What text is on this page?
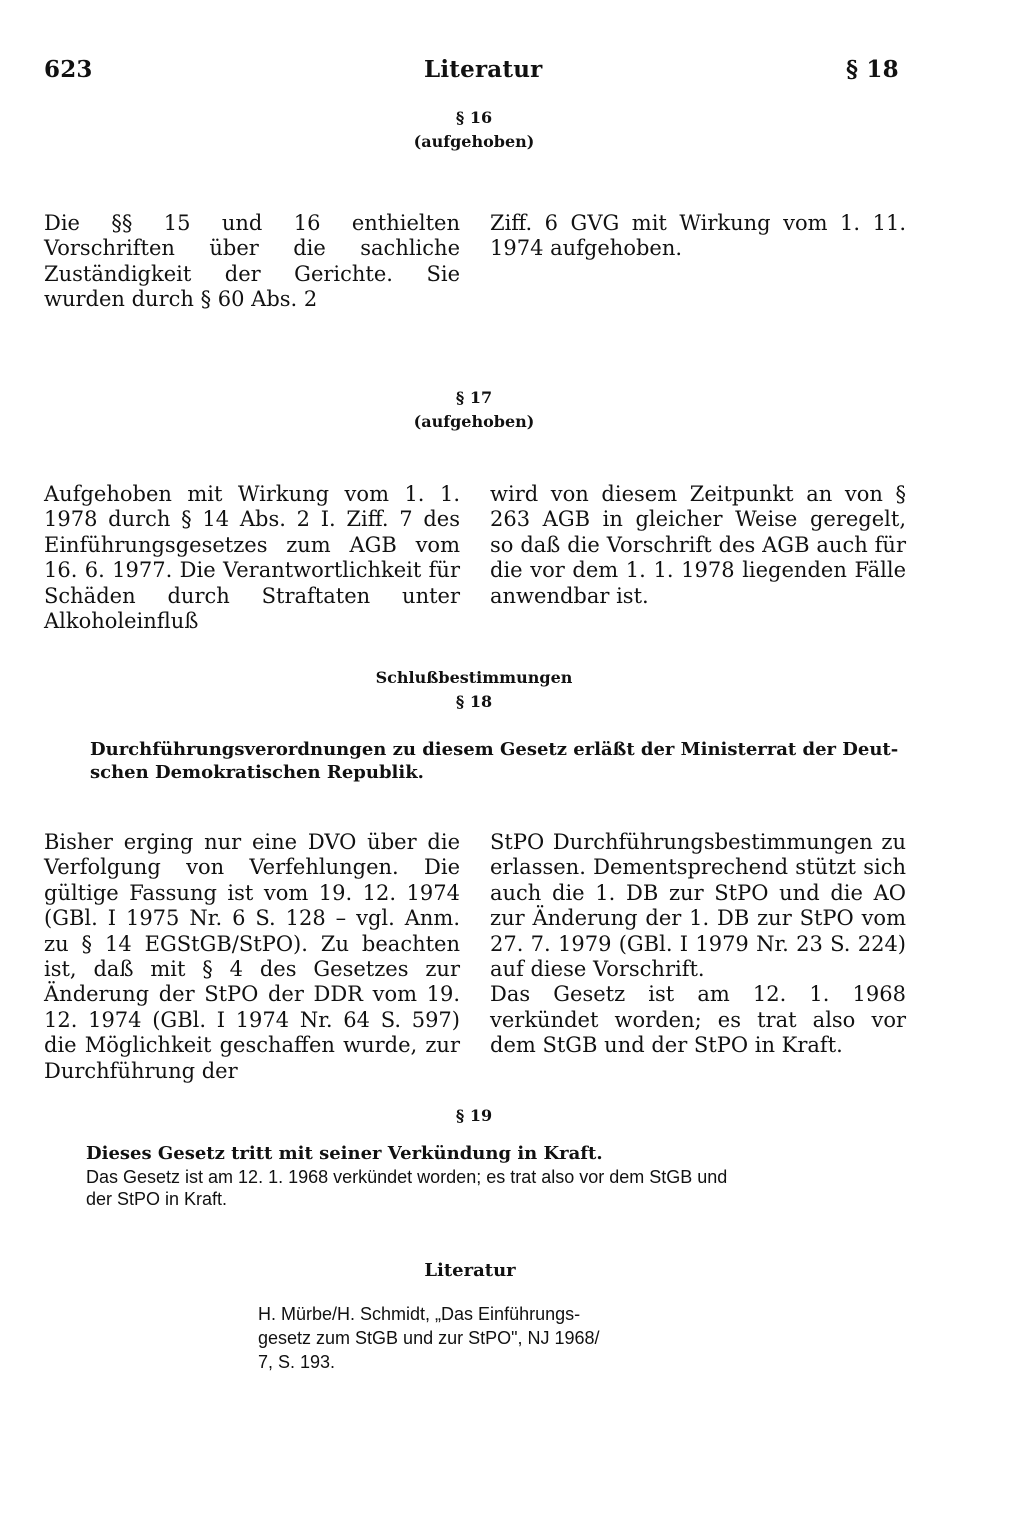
623	Literatur	§ 18
§ 16
(aufgehoben)

Die §§ 15 und 16 enthielten Vorschriften über die sachliche Zuständigkeit der Gerichte. Sie wurden durch § 60 Abs. 2

Ziff. 6 GVG mit Wirkung vom 1. 11. 1974 aufgehoben.

§ 17
(aufgehoben)

Aufgehoben mit Wirkung vom 1. 1. 1978 durch § 14 Abs. 2 I. Ziff. 7 des Einführungsgesetzes zum AGB vom 16. 6. 1977. Die Verantwortlichkeit für Schäden durch Straftaten unter Alkoholeinfluß

wird von diesem Zeitpunkt an von § 263 AGB in gleicher Weise geregelt, so daß die Vorschrift des AGB auch für die vor dem 1. 1. 1978 liegenden Fälle anwendbar ist.

Schlußbestimmungen
§ 18
Durchführungsverordnungen zu diesem Gesetz erläßt der Ministerrat der Deut-
schen Demokratischen Republik.

Bisher erging nur eine DVO über die Verfolgung von Verfehlungen. Die gültige Fassung ist vom 19. 12. 1974 (GBl. I 1975 Nr. 6 S. 128 – vgl. Anm. zu § 14 EGStGB/StPO). Zu beachten ist, daß mit § 4 des Gesetzes zur Änderung der StPO der DDR vom 19. 12. 1974 (GBl. I 1974 Nr. 64 S. 597) die Möglichkeit geschaffen wurde, zur Durchführung der

StPO Durchführungsbestimmungen zu erlassen. Dementsprechend stützt sich auch die 1. DB zur StPO und die AO zur Änderung der 1. DB zur StPO vom 27. 7. 1979 (GBl. I 1979 Nr. 23 S. 224) auf diese Vorschrift.

Das Gesetz ist am 12. 1. 1968 verkündet worden; es trat also vor dem StGB und der StPO in Kraft.

§ 19
Dieses Gesetz tritt mit seiner Verkündung in Kraft.
Das Gesetz ist am 12. 1. 1968 verkündet worden; es trat also vor dem StGB und
der StPO in Kraft.
Literatur
H. Mürbe/H. Schmidt, „Das Einführungs-
gesetz zum StGB und zur StPO", NJ 1968/
7, S. 193.
